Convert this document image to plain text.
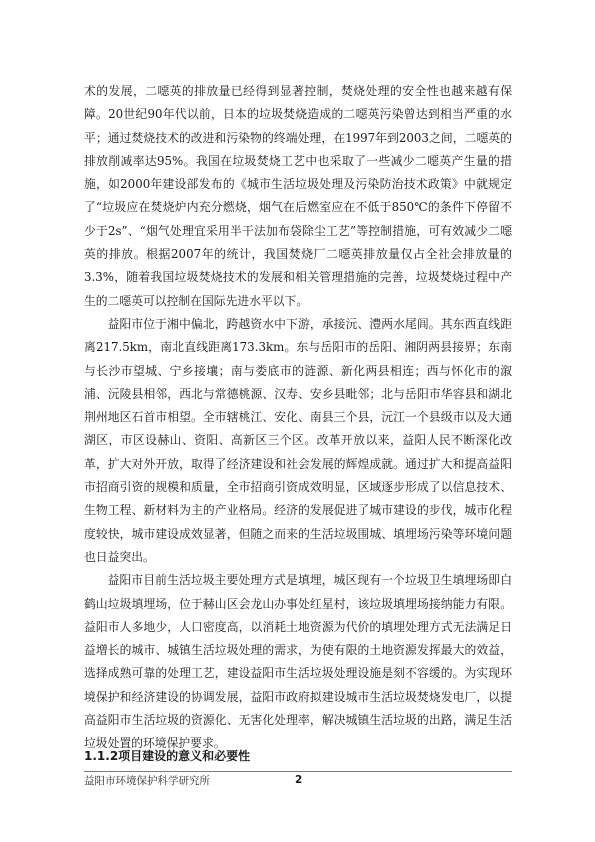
术的发展，二噁英的排放量已经得到显著控制，焚烧处理的安全性也越来越有保障。20世纪90年代以前，日本的垃圾焚烧造成的二噁英污染曾达到相当严重的水平；通过焚烧技术的改进和污染物的终端处理，在1997年到2003之间，二噁英的排放削减率达95%。我国在垃圾焚烧工艺中也采取了一些减少二噁英产生量的措施，如2000年建设部发布的《城市生活垃圾处理及污染防治技术政策》中就规定了“垃圾应在焚烧炉内充分燃烧，烟气在后燃室应在不低于850℃的条件下停留不少于2s”、“烟气处理宜采用半干法加布袋除尘工艺”等控制措施，可有效减少二噁英的排放。根据2007年的统计，我国焚烧厂二噁英排放量仅占全社会排放量的3.3%，随着我国垃圾焚烧技术的发展和相关管理措施的完善，垃圾焚烧过程中产生的二噁英可以控制在国际先进水平以下。

益阳市位于湘中偏北，跨越资水中下游，承接沅、澧两水尾闾。其东西直线距离217.5km，南北直线距离173.3km。东与岳阳市的岳阳、湘阴两县接界；东南与长沙市望城、宁乡接壤；南与娄底市的涟源、新化两县相连；西与怀化市的溆浦、沅陵县相邻，西北与常德桃源、汉寿、安乡县毗邻；北与岳阳市华容县和湖北荆州地区石首市相望。全市辖桃江、安化、南县三个县，沅江一个县级市以及大通湖区，市区设赫山、资阳、高新区三个区。改革开放以来，益阳人民不断深化改革，扩大对外开放，取得了经济建设和社会发展的辉煌成就。通过扩大和提高益阳市招商引资的规模和质量，全市招商引资成效明显，区域逐步形成了以信息技术、生物工程、新材料为主的产业格局。经济的发展促进了城市建设的步伐，城市化程度较快，城市建设成效显著，但随之而来的生活垃圾围城、填埋场污染等环境问题也日益突出。

益阳市目前生活垃圾主要处理方式是填埋，城区现有一个垃圾卫生填埋场即白鹤山垃圾填埋场，位于赫山区会龙山办事处红星村，该垃圾填埋场接纳能力有限。益阳市人多地少，人口密度高，以消耗土地资源为代价的填埋处理方式无法满足日益增长的城市、城镇生活垃圾处理的需求，为使有限的土地资源发挥最大的效益，选择成熟可靠的处理工艺，建设益阳市生活垃圾处理设施是刻不容缓的。为实现环境保护和经济建设的协调发展，益阳市政府拟建设城市生活垃圾焚烧发电厂，以提高益阳市生活垃圾的资源化、无害化处理率，解决城镇生活垃圾的出路，满足生活垃圾处置的环境保护要求。

1.1.2项目建设的意义和必要性
益阳市环境保护科学研究所	2
